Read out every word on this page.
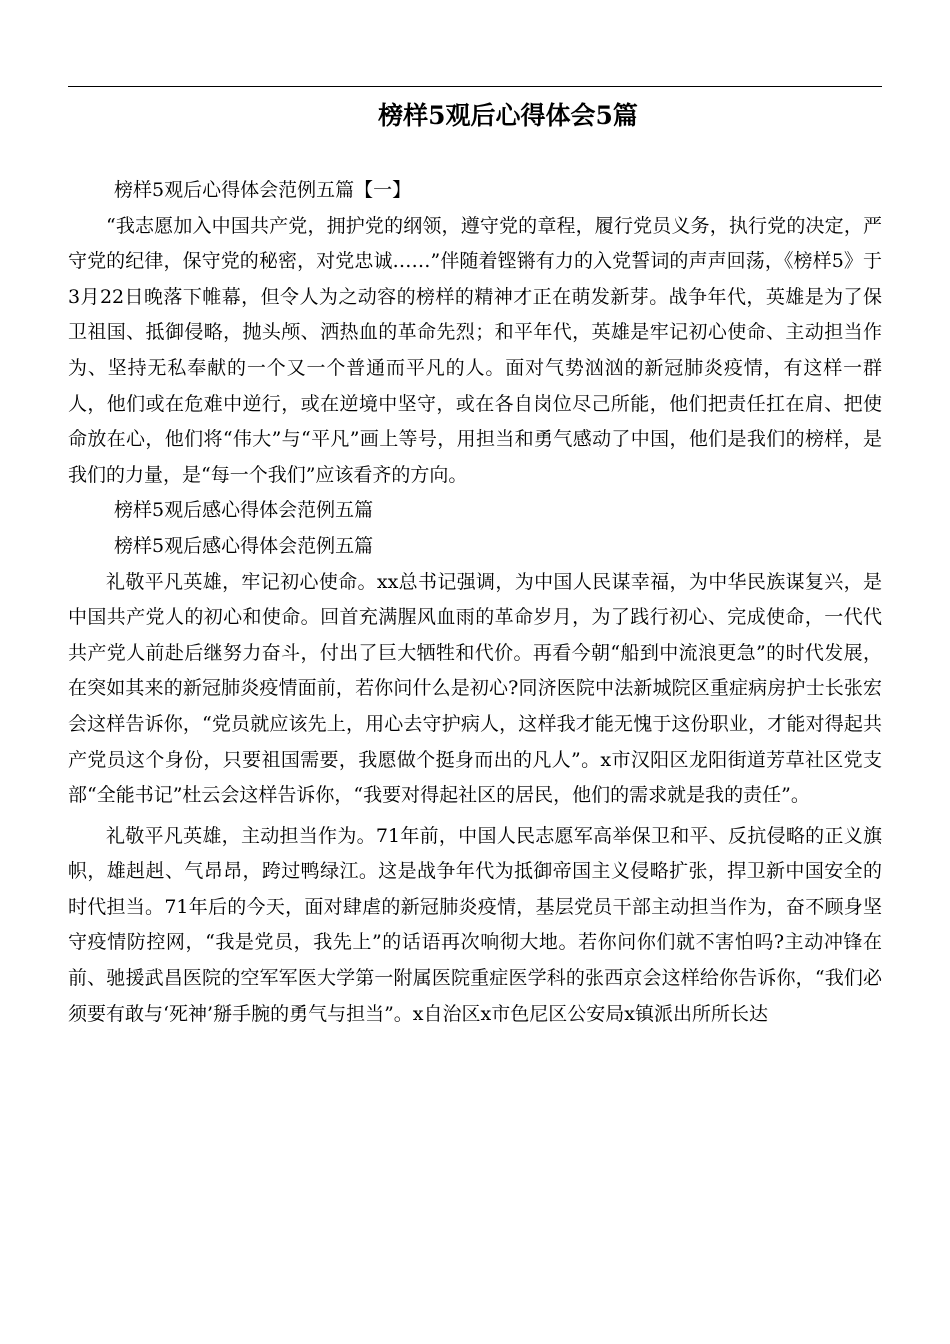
榜样5观后心得体会5篇

榜样5观后心得体会范例五篇【一】

“我志愿加入中国共产党，拥护党的纲领，遵守党的章程，履行党员义务，执行党的决定，严守党的纪律，保守党的秘密，对党忠诚……”伴随着铿锵有力的入党誓词的声声回荡，《榜样5》于3月22日晚落下帷幕，但令人为之动容的榜样的精神才正在萌发新芽。战争年代，英雄是为了保卫祖国、抵御侵略，抛头颅、洒热血的革命先烈；和平年代，英雄是牢记初心使命、主动担当作为、坚持无私奉献的一个又一个普通而平凡的人。面对气势汹汹的新冠肺炎疫情，有这样一群人，他们或在危难中逆行，或在逆境中坚守，或在各自岗位尽己所能，他们把责任扛在肩、把使命放在心，他们将“伟大”与“平凡”画上等号，用担当和勇气感动了中国，他们是我们的榜样，是我们的力量，是“每一个我们”应该看齐的方向。

榜样5观后感心得体会范例五篇

榜样5观后感心得体会范例五篇

礼敬平凡英雄，牢记初心使命。xx总书记强调，为中国人民谋幸福，为中华民族谋复兴，是中国共产党人的初心和使命。回首充满腥风血雨的革命岁月，为了践行初心、完成使命，一代代共产党人前赴后继努力奋斗，付出了巨大牺牲和代价。再看今朝“船到中流浪更急”的时代发展，在突如其来的新冠肺炎疫情面前，若你问什么是初心?同济医院中法新城院区重症病房护士长张宏会这样告诉你，“党员就应该先上，用心去守护病人，这样我才能无愧于这份职业，才能对得起共产党员这个身份，只要祖国需要，我愿做个挺身而出的凡人”。x市汉阳区龙阳街道芳草社区党支部“全能书记”杜云会这样告诉你，“我要对得起社区的居民，他们的需求就是我的责任”。

礼敬平凡英雄，主动担当作为。71年前，中国人民志愿军高举保卫和平、反抗侵略的正义旗帜，雄赳赳、气昂昂，跨过鸭绿江。这是战争年代为抵御帝国主义侵略扩张，捍卫新中国安全的时代担当。71年后的今天，面对肆虐的新冠肺炎疫情，基层党员干部主动担当作为，奋不顾身坚守疫情防控网，“我是党员，我先上”的话语再次响彻大地。若你问你们就不害怕吗?主动冲锋在前、驰援武昌医院的空军军医大学第一附属医院重症医学科的张西京会这样给你告诉你，“我们必须要有敢与‘死神’掰手腕的勇气与担当”。x自治区x市色尼区公安局x镇派出所所长达
